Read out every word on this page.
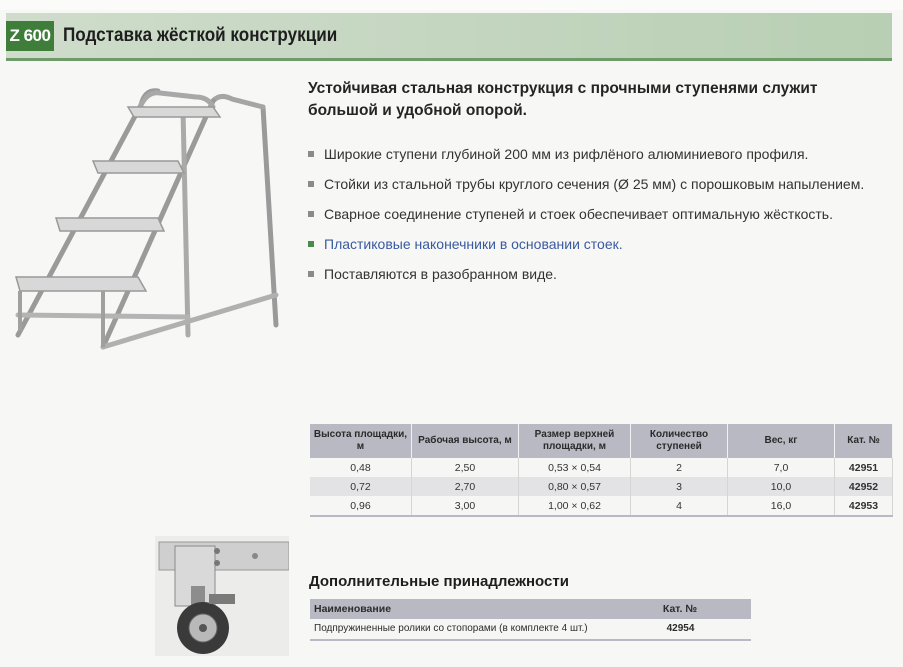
Z 600 Подставка жёсткой конструкции
Устойчивая стальная конструкция с прочными ступенями служит большой и удобной опорой.
Широкие ступени глубиной 200 мм из рифлёного алюминиевого профиля.
Стойки из стальной трубы круглого сечения (Ø 25 мм) с порошковым напылением.
Сварное соединение ступеней и стоек обеспечивает оптимальную жёсткость.
Пластиковые наконечники в основании стоек.
Поставляются в разобранном виде.
Высота площадки, м	Рабочая высота, м	Размер верхней площадки, м	Количество ступеней	Вес, кг	Кат. №
0,48	2,50	0,53 × 0,54	2	7,0	42951
0,72	2,70	0,80 × 0,57	3	10,0	42952
0,96	3,00	1,00 × 0,62	4	16,0	42953
Дополнительные принадлежности
Наименование	Кат. №
Подпружиненные ролики со стопорами (в комплекте 4 шт.)	42954
